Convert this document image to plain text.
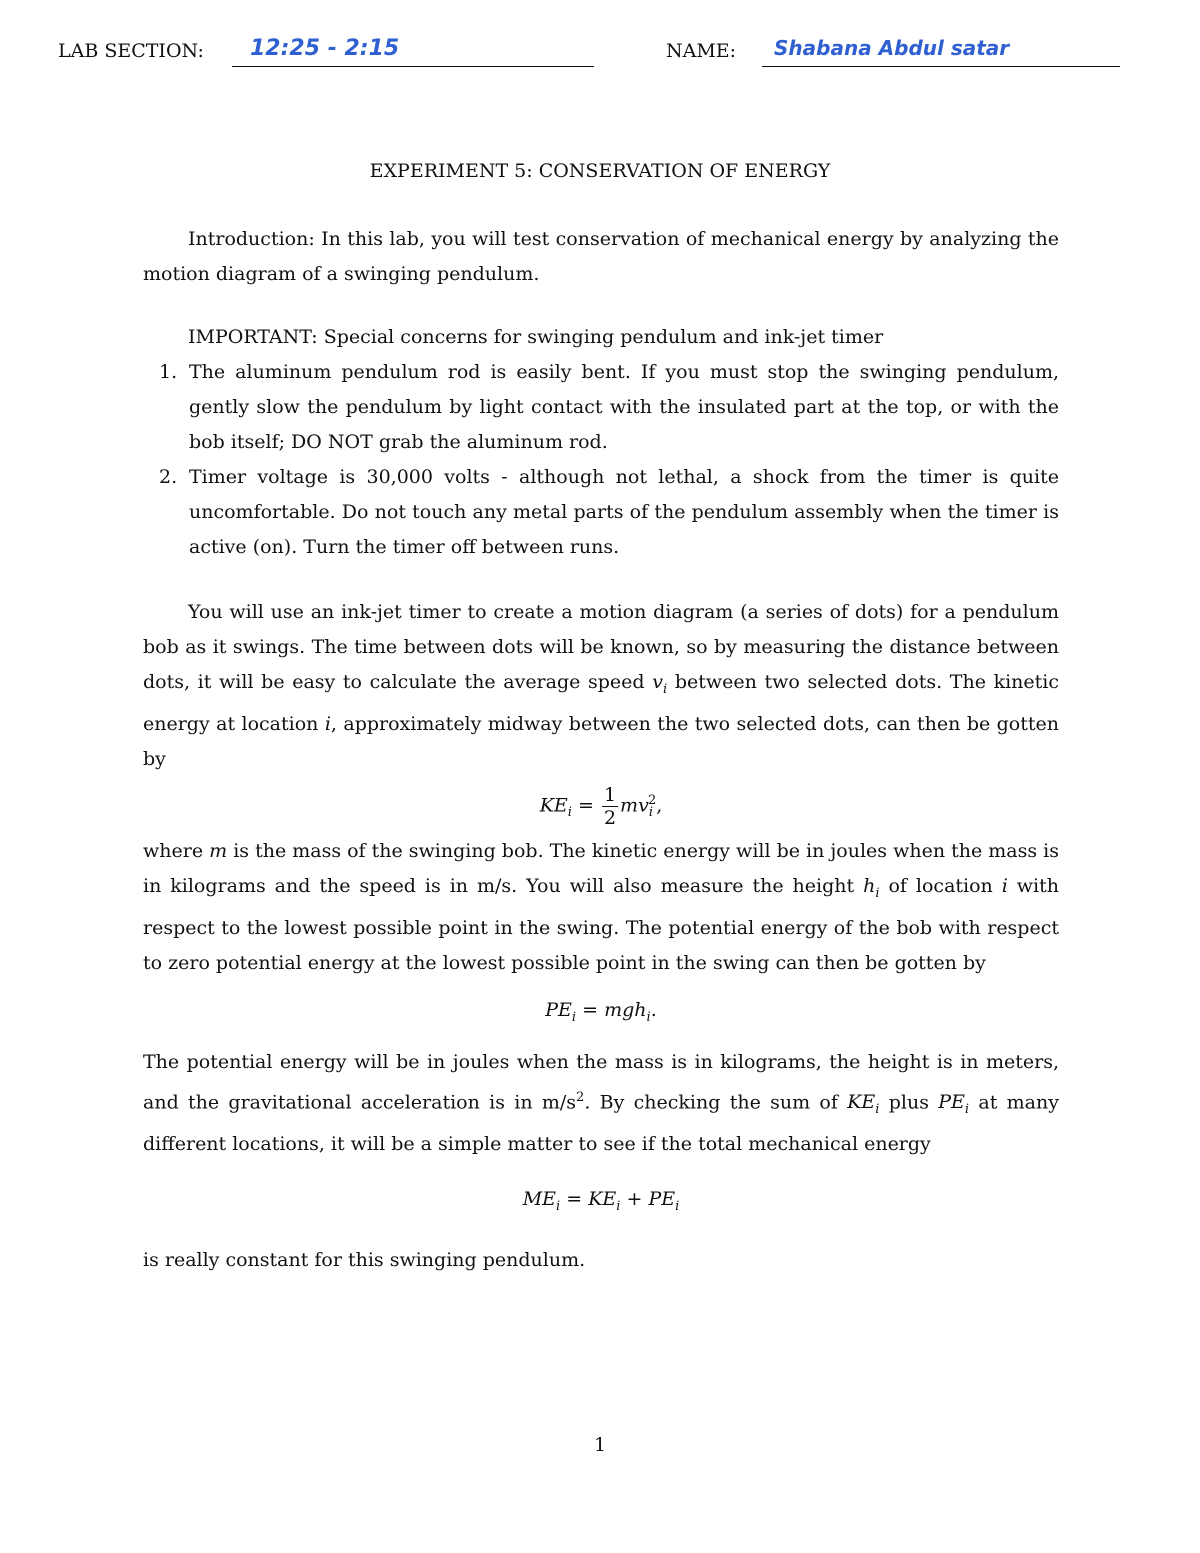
LAB SECTION: 12:25 - 2:15	NAME: Shabana Abdul satar
EXPERIMENT 5: CONSERVATION OF ENERGY

Introduction: In this lab, you will test conservation of mechanical energy by analyzing the motion diagram of a swinging pendulum.

IMPORTANT: Special concerns for swinging pendulum and ink-jet timer

1. The aluminum pendulum rod is easily bent. If you must stop the swinging pendulum, gently slow the pendulum by light contact with the insulated part at the top, or with the bob itself; DO NOT grab the aluminum rod.
2. Timer voltage is 30,000 volts - although not lethal, a shock from the timer is quite uncomfortable. Do not touch any metal parts of the pendulum assembly when the timer is active (on). Turn the timer off between runs.

You will use an ink-jet timer to create a motion diagram (a series of dots) for a pendulum bob as it swings. The time between dots will be known, so by measuring the distance between dots, it will be easy to calculate the average speed $v_i$ between two selected dots. The kinetic energy at location i, approximately midway between the two selected dots, can then be gotten by

$KE_i = \frac{1}{2} mv_i^2$,

where m is the mass of the swinging bob. The kinetic energy will be in joules when the mass is in kilograms and the speed is in m/s. You will also measure the height $h_i$ of location i with respect to the lowest possible point in the swing. The potential energy of the bob with respect to zero potential energy at the lowest possible point in the swing can then be gotten by

$PE_i = mgh_i$.

The potential energy will be in joules when the mass is in kilograms, the height is in meters, and the gravitational acceleration is in $m/s^2$. By checking the sum of $KE_i$ plus $PE_i$ at many different locations, it will be a simple matter to see if the total mechanical energy

$ME_i = KE_i + PE_i$

is really constant for this swinging pendulum.

1
